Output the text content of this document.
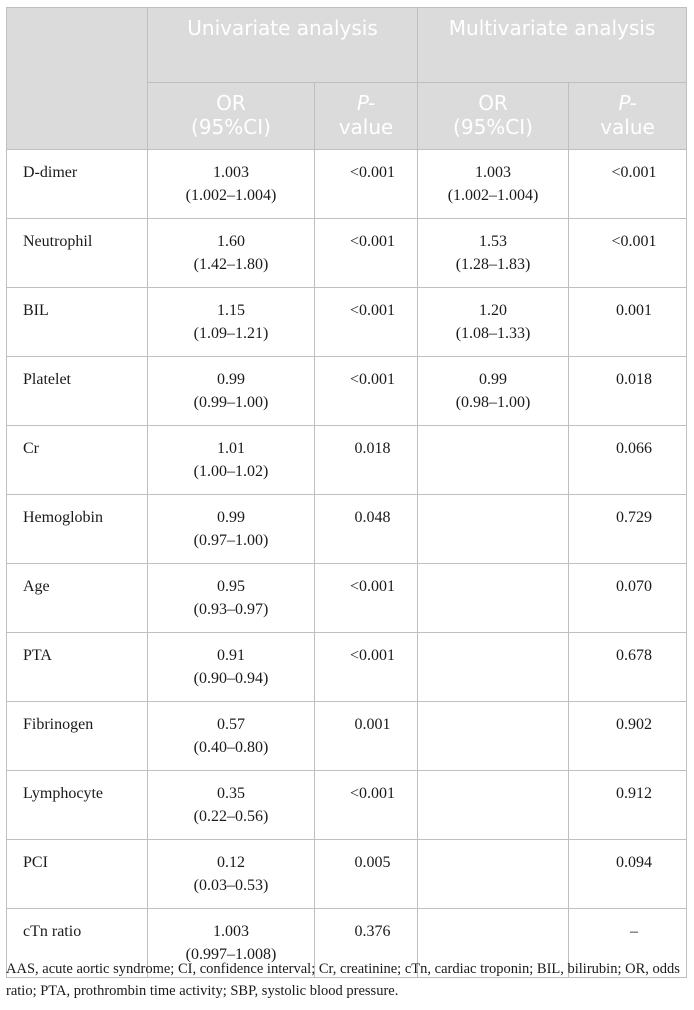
	Univariate analysis		Multivariate analysis	
	OR
(95%CI)	P-
value	OR
(95%CI)	P-
value
D-dimer	1.003
(1.002–1.004)	<0.001	1.003
(1.002–1.004)	<0.001
Neutrophil	1.60
(1.42–1.80)	<0.001	1.53
(1.28–1.83)	<0.001
BIL	1.15
(1.09–1.21)	<0.001	1.20
(1.08–1.33)	0.001
Platelet	0.99
(0.99–1.00)	<0.001	0.99
(0.98–1.00)	0.018
Cr	1.01
(1.00–1.02)	0.018		0.066
Hemoglobin	0.99
(0.97–1.00)	0.048		0.729
Age	0.95
(0.93–0.97)	<0.001		0.070
PTA	0.91
(0.90–0.94)	<0.001		0.678
Fibrinogen	0.57
(0.40–0.80)	0.001		0.902
Lymphocyte	0.35
(0.22–0.56)	<0.001		0.912
PCI	0.12
(0.03–0.53)	0.005		0.094
cTn ratio	1.003
(0.997–1.008)	0.376		–
AAS, acute aortic syndrome; CI, confidence interval; Cr, creatinine; cTn, cardiac troponin; BIL, bilirubin; OR, odds ratio; PTA, prothrombin time activity; SBP, systolic blood pressure.
